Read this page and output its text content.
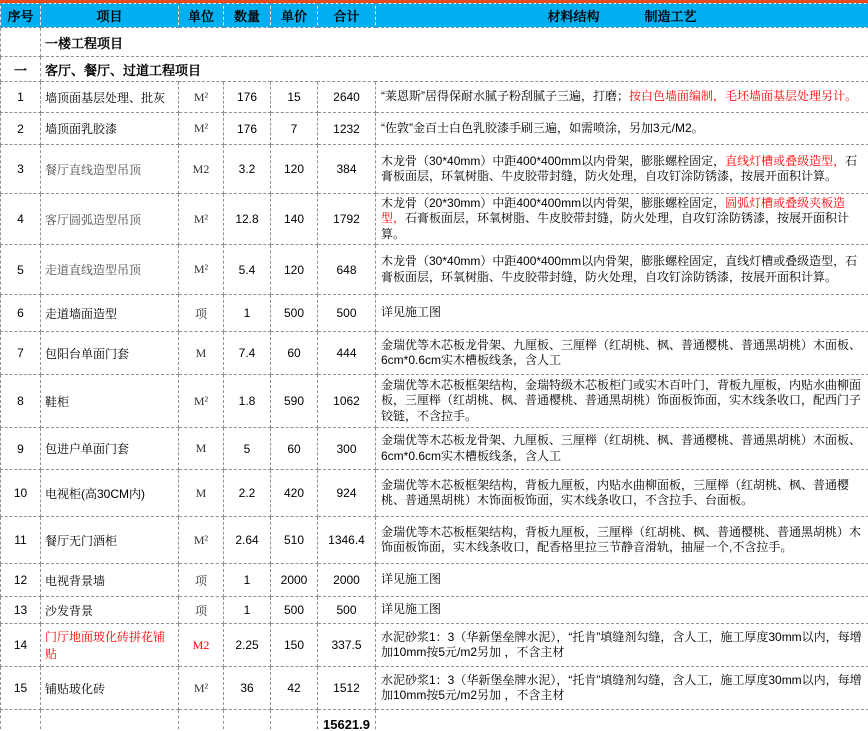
序号	项目	单位	数量	单价	合计	材料结构 制造工艺
	一楼工程项目					
一	客厅、餐厅、过道工程项目					
1	墙顶面基层处理、批灰	M²	176	15	2640	“莱恩斯”居得保耐水腻子粉刮腻子三遍，打磨；按白色墙面编制，毛坯墙面基层处理另计。
2	墙顶面乳胶漆	M²	176	7	1232	“佐敦”金百士白色乳胶漆手刷三遍，如需喷涂，另加3元/M2。
3	餐厅直线造型吊顶	M2	3.2	120	384	木龙骨（30*40mm）中距400*400mm以内骨架，膨胀螺栓固定，直线灯槽或叠级造型，石膏板面层，环氧树脂、牛皮胶带封缝，防火处理，自攻钉涂防锈漆，按展开面积计算。
4	客厅圆弧造型吊顶	M²	12.8	140	1792	木龙骨（20*30mm）中距400*400mm以内骨架，膨胀螺栓固定，圆弧灯槽或叠级夹板造型，石膏板面层，环氧树脂、牛皮胶带封缝，防火处理，自攻钉涂防锈漆，按展开面积计算。
5	走道直线造型吊顶	M²	5.4	120	648	木龙骨（30*40mm）中距400*400mm以内骨架，膨胀螺栓固定，直线灯槽或叠级造型，石膏板面层，环氧树脂、牛皮胶带封缝，防火处理，自攻钉涂防锈漆，按展开面积计算。
6	走道墙面造型	项	1	500	500	详见施工图
7	包阳台单面门套	M	7.4	60	444	金瑞优等木芯板龙骨架、九厘板、三厘榉（红胡桃、枫、普通樱桃、普通黑胡桃）木面板、6cm*0.6cm实木槽板线条，含人工
8	鞋柜	M²	1.8	590	1062	金瑞优等木芯板框架结构，金瑞特级木芯板柜门或实木百叶门，背板九厘板，内贴水曲柳面板，三厘榉（红胡桃、枫、普通樱桃、普通黑胡桃）饰面板饰面，实木线条收口，配西门子铰链，不含拉手。
9	包进户单面门套	M	5	60	300	金瑞优等木芯板龙骨架、九厘板、三厘榉（红胡桃、枫、普通樱桃、普通黑胡桃）木面板、6cm*0.6cm实木槽板线条，含人工
10	电视柜(高30CM内)	M	2.2	420	924	金瑞优等木芯板框架结构，背板九厘板，内贴水曲柳面板，三厘榉（红胡桃、枫、普通樱桃、普通黑胡桃）木饰面板饰面，实木线条收口，不含拉手、台面板。
11	餐厅无门酒柜	M²	2.64	510	1346.4	金瑞优等木芯板框架结构，背板九厘板，三厘榉（红胡桃、枫、普通樱桃、普通黑胡桃）木饰面板饰面，实木线条收口，配香格里拉三节静音滑轨，抽屉一个,不含拉手。
12	电视背景墙	项	1	2000	2000	详见施工图
13	沙发背景	项	1	500	500	详见施工图
14	门厅地面玻化砖拼花铺贴	M2	2.25	150	337.5	水泥砂浆1：3（华新堡垒牌水泥），“托肯”填缝剂勾缝，含人工，施工厚度30mm以内，每增加10mm按5元/m2另加 ，不含主材
15	铺贴玻化砖	M²	36	42	1512	水泥砂浆1：3（华新堡垒牌水泥），“托肯”填缝剂勾缝，含人工，施工厚度30mm以内，每增加10mm按5元/m2另加 ，不含主材
					15621.9	
